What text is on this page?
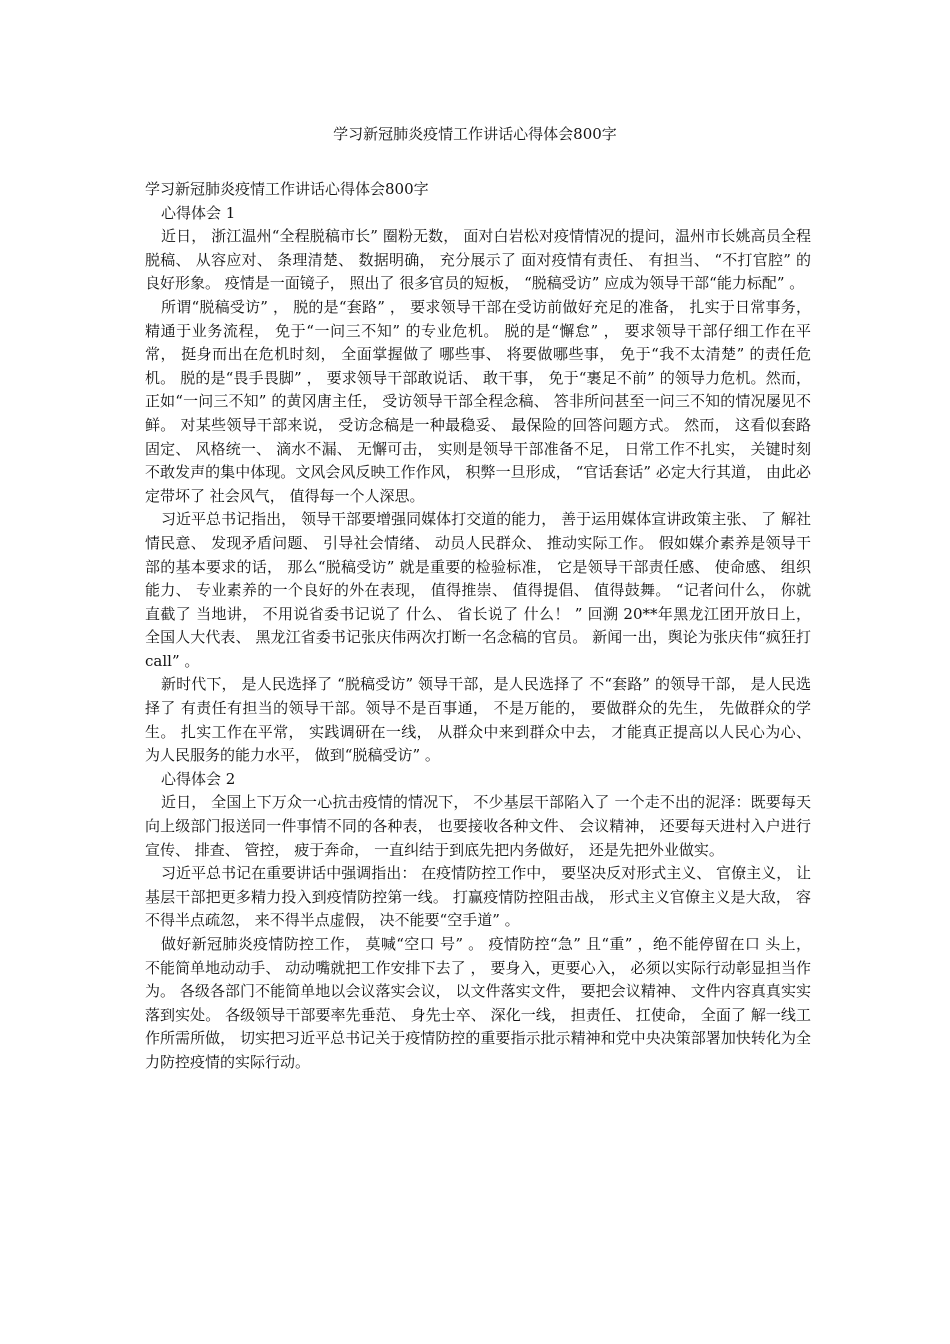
学习新冠肺炎疫情工作讲话心得体会800字

学习新冠肺炎疫情工作讲话心得体会800字

心得体会 1

近日， 浙江温州“全程脱稿市长” 圈粉无数， 面对白岩松对疫情情况的提问，温州市长姚高员全程脱稿、 从容应对、 条理清楚、 数据明确， 充分展示了 面对疫情有责任、 有担当、 “不打官腔” 的良好形象。 疫情是一面镜子， 照出了 很多官员的短板， “脱稿受访” 应成为领导干部“能力标配” 。

所谓“脱稿受访” ， 脱的是“套路” ， 要求领导干部在受访前做好充足的准备， 扎实于日常事务， 精通于业务流程， 免于“一问三不知” 的专业危机。 脱的是“懈怠” ， 要求领导干部仔细工作在平常， 挺身而出在危机时刻， 全面掌握做了 哪些事、 将要做哪些事， 免于“我不太清楚” 的责任危机。 脱的是“畏手畏脚” ， 要求领导干部敢说话、 敢干事， 免于“裹足不前” 的领导力危机。然而， 正如“一问三不知” 的黄冈唐主任， 受访领导干部全程念稿、 答非所问甚至一问三不知的情况屡见不鲜。 对某些领导干部来说， 受访念稿是一种最稳妥、 最保险的回答问题方式。 然而， 这看似套路固定、 风格统一、 滴水不漏、 无懈可击， 实则是领导干部准备不足， 日常工作不扎实， 关键时刻不敢发声的集中体现。文风会风反映工作作风， 积弊一旦形成， “官话套话” 必定大行其道， 由此必定带坏了 社会风气， 值得每一个人深思。

习近平总书记指出， 领导干部要增强同媒体打交道的能力， 善于运用媒体宣讲政策主张、 了 解社情民意、 发现矛盾问题、 引导社会情绪、 动员人民群众、 推动实际工作。 假如媒介素养是领导干部的基本要求的话， 那么“脱稿受访” 就是重要的检验标准， 它是领导干部责任感、 使命感、 组织能力、 专业素养的一个良好的外在表现， 值得推崇、 值得提倡、 值得鼓舞。 “记者问什么， 你就直截了 当地讲， 不用说省委书记说了 什么、 省长说了 什么！ ” 回溯 20**年黑龙江团开放日上， 全国人大代表、 黑龙江省委书记张庆伟两次打断一名念稿的官员。 新闻一出，舆论为张庆伟“疯狂打 call” 。

新时代下， 是人民选择了 “脱稿受访” 领导干部，是人民选择了 不“套路” 的领导干部， 是人民选择了 有责任有担当的领导干部。领导不是百事通， 不是万能的， 要做群众的先生， 先做群众的学生。 扎实工作在平常， 实践调研在一线， 从群众中来到群众中去， 才能真正提高以人民心为心、 为人民服务的能力水平， 做到“脱稿受访” 。

心得体会 2

近日， 全国上下万众一心抗击疫情的情况下， 不少基层干部陷入了 一个走不出的泥泽：既要每天向上级部门报送同一件事情不同的各种表， 也要接收各种文件、 会议精神， 还要每天进村入户进行宣传、 排查、 管控， 疲于奔命， 一直纠结于到底先把内务做好， 还是先把外业做实。

习近平总书记在重要讲话中强调指出： 在疫情防控工作中， 要坚决反对形式主义、 官僚主义， 让基层干部把更多精力投入到疫情防控第一线。 打赢疫情防控阻击战， 形式主义官僚主义是大敌， 容不得半点疏忽， 来不得半点虚假， 决不能要“空手道” 。

做好新冠肺炎疫情防控工作， 莫喊“空口 号” 。 疫情防控“急” 且“重” ，绝不能停留在口 头上， 不能简单地动动手、 动动嘴就把工作安排下去了 ， 要身入，更要心入， 必须以实际行动彰显担当作为。 各级各部门不能简单地以会议落实会议， 以文件落实文件， 要把会议精神、 文件内容真真实实落到实处。 各级领导干部要率先垂范、 身先士卒、 深化一线， 担责任、 扛使命， 全面了 解一线工作所需所做， 切实把习近平总书记关于疫情防控的重要指示批示精神和党中央决策部署加快转化为全力防控疫情的实际行动。
